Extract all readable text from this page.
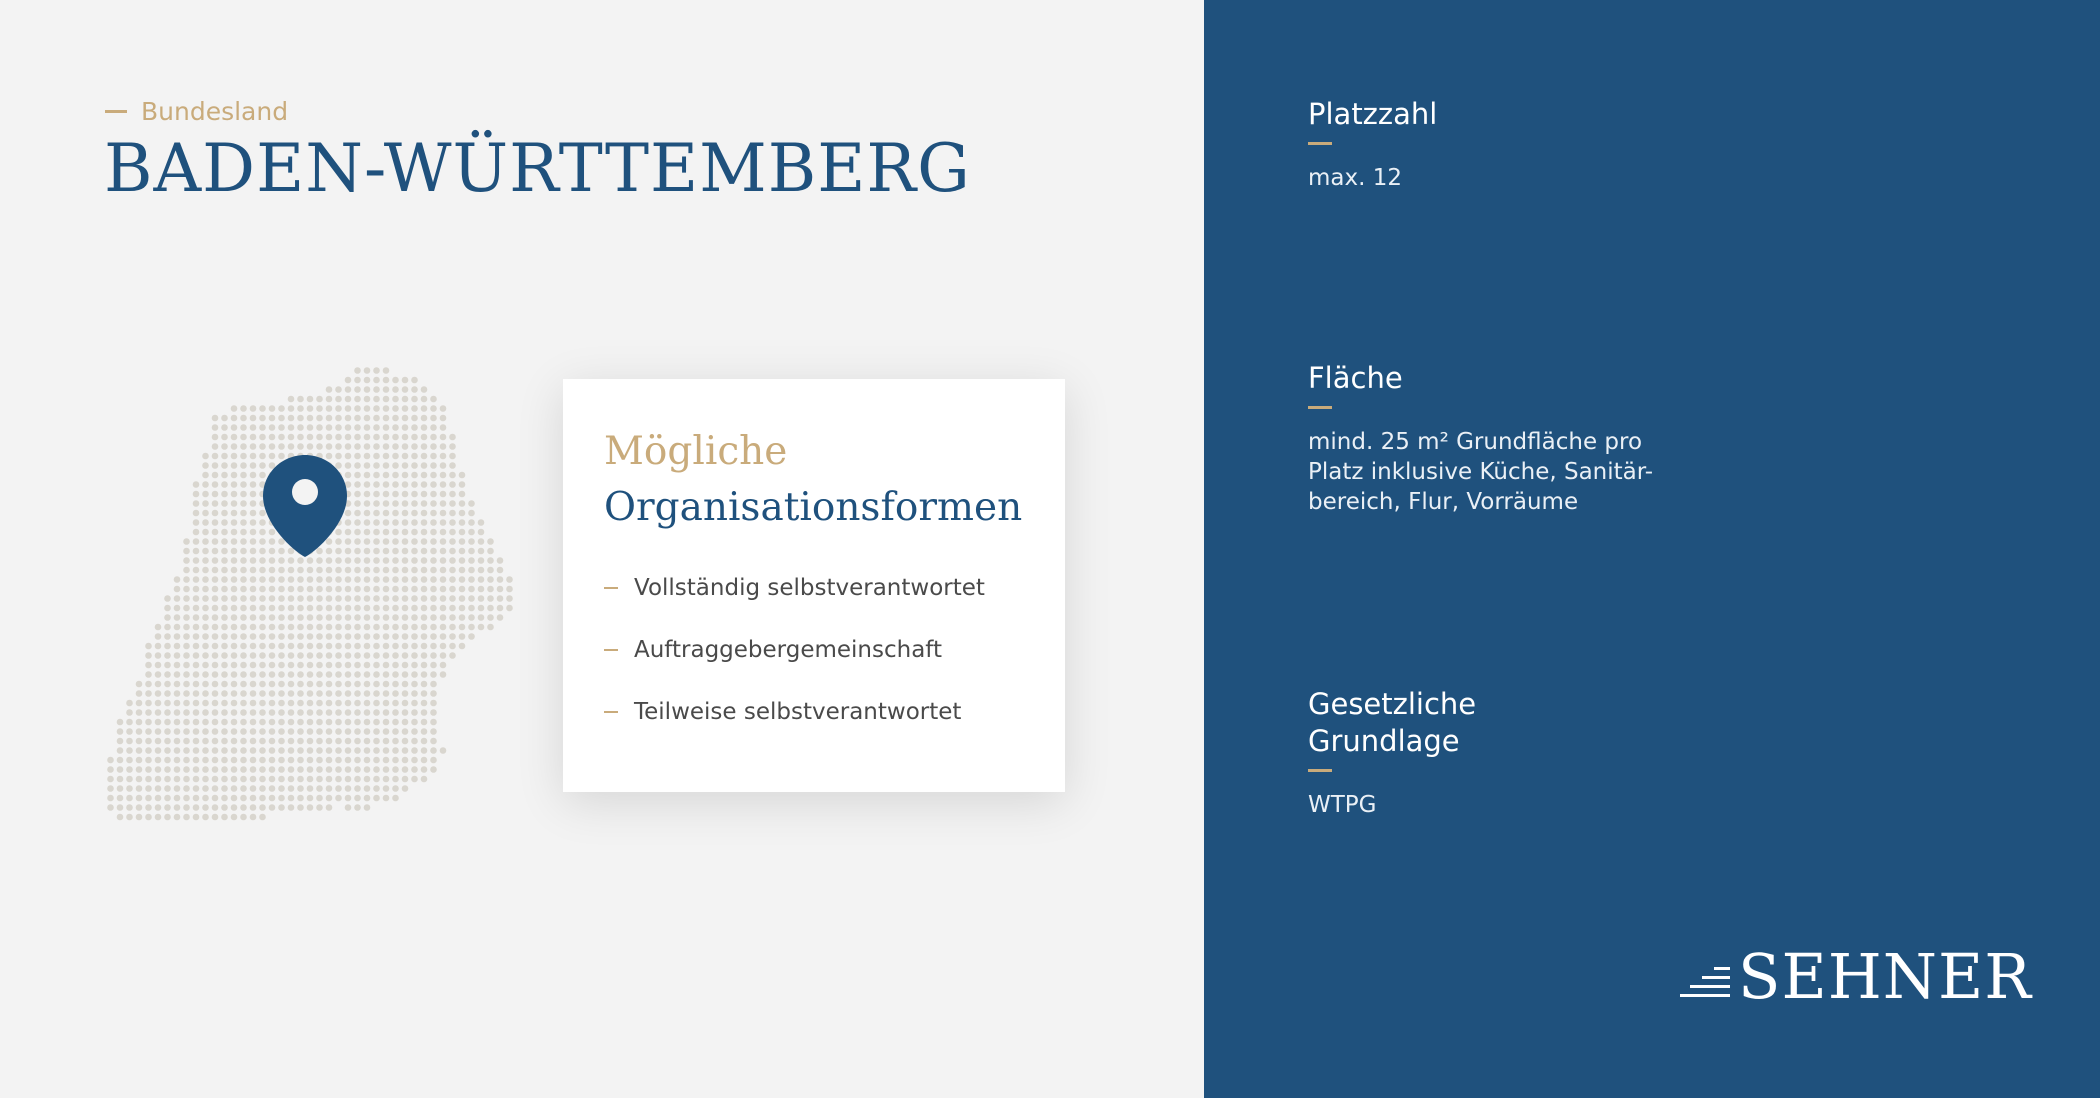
Bundesland
BADEN-WÜRTTEMBERG
Mögliche
Organisationsformen
Vollständig selbstverantwortet
Auftraggebergemeinschaft
Teilweise selbstverantwortet
Platzzahl
max. 12
Fläche
mind. 25 m² Grundfläche pro
Platz inklusive Küche, Sanitär-
bereich, Flur, Vorräume
Gesetzliche
Grundlage
WTPG
SEHNER
